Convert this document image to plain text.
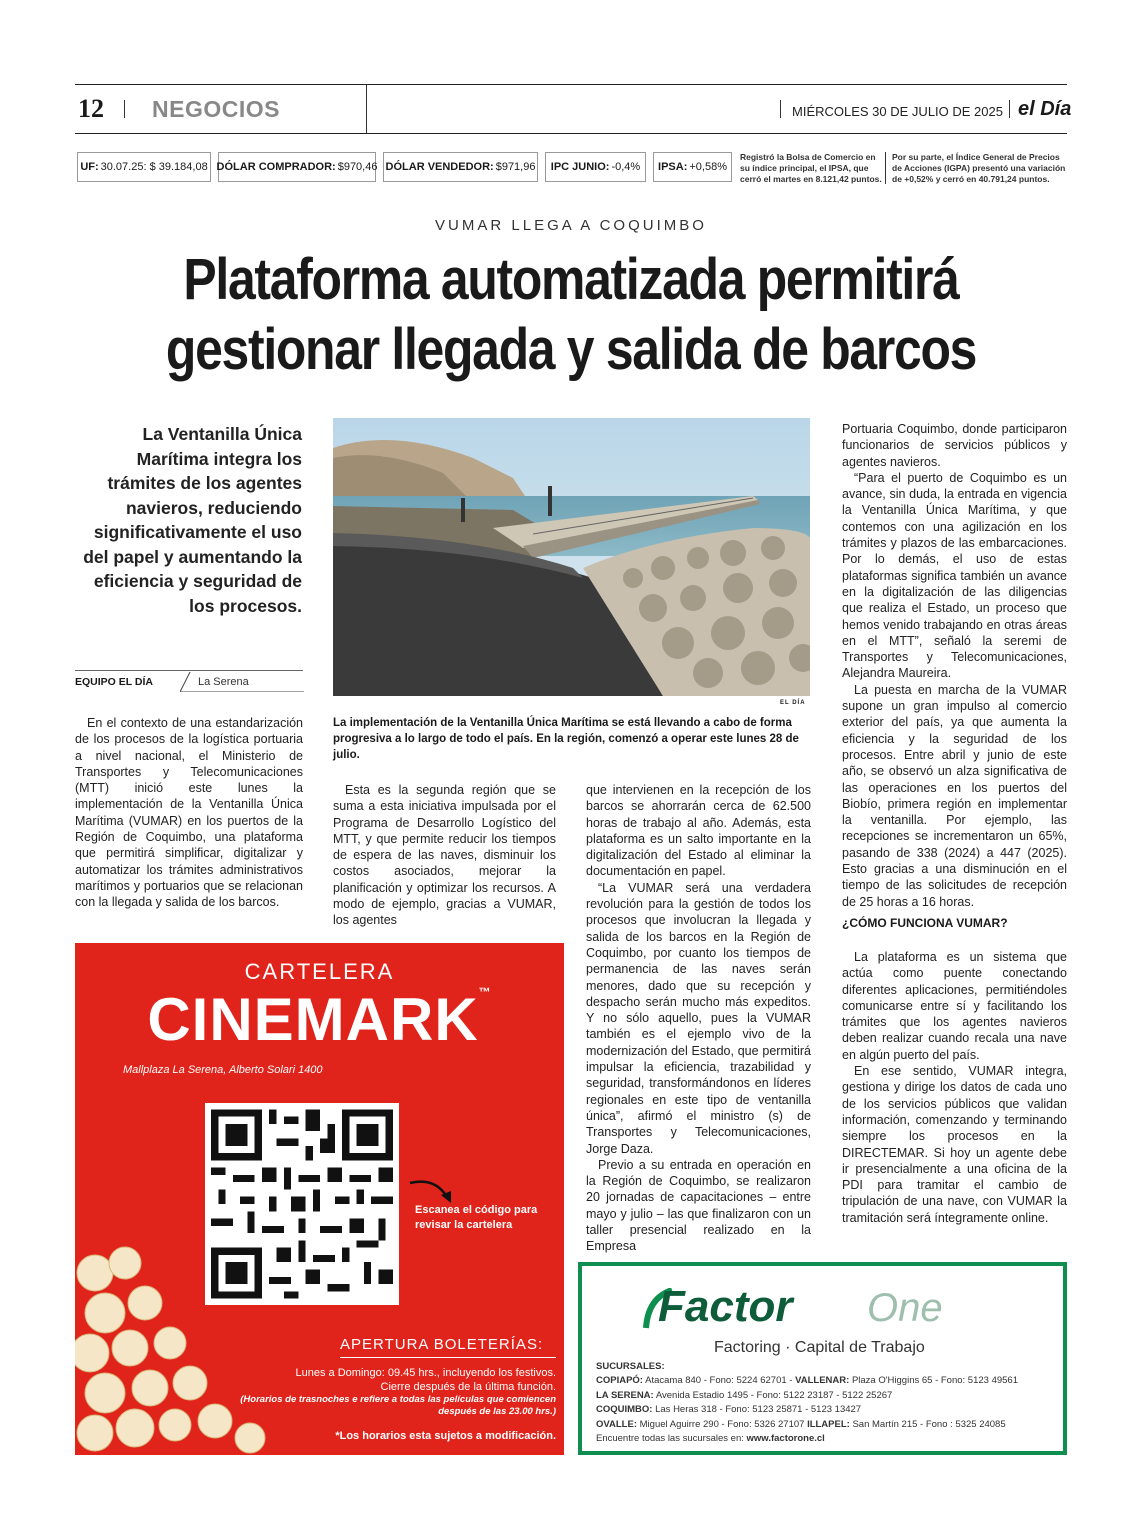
12 NEGOCIOS	MIÉRCOLES 30 DE JULIO DE 2025 el Día
UF: 30.07.25: $ 39.184,08 DÓLAR COMPRADOR: $970,46 DÓLAR VENDEDOR: $971,96 IPC JUNIO: -0,4% IPSA: +0,58%
Registró la Bolsa de Comercio en su índice principal, el IPSA, que cerró el martes en 8.121,42 puntos.
Por su parte, el Índice General de Precios de Acciones (IGPA) presentó una variación de +0,52% y cerró en 40.791,24 puntos.
VUMAR LLEGA A COQUIMBO
Plataforma automatizada permitirá gestionar llegada y salida de barcos
La Ventanilla Única Marítima integra los trámites de los agentes navieros, reduciendo significativamente el uso del papel y aumentando la eficiencia y seguridad de los procesos.
EQUIPO EL DÍA	La Serena
EL DÍA
La implementación de la Ventanilla Única Marítima se está llevando a cabo de forma progresiva a lo largo de todo el país. En la región, comenzó a operar este lunes 28 de julio.

En el contexto de una estandarización de los procesos de la logística portuaria a nivel nacional, el Ministerio de Transportes y Telecomunicaciones (MTT) inició este lunes la implementación de la Ventanilla Única Marítima (VUMAR) en los puertos de la Región de Coquimbo, una plataforma que permitirá simplificar, digitalizar y automatizar los trámites administrativos marítimos y portuarios que se relacionan con la llegada y salida de los barcos.

Esta es la segunda región que se suma a esta iniciativa impulsada por el Programa de Desarrollo Logístico del MTT, y que permite reducir los tiempos de espera de las naves, disminuir los costos asociados, mejorar la planificación y optimizar los recursos. A modo de ejemplo, gracias a VUMAR, los agentes

que intervienen en la recepción de los barcos se ahorrarán cerca de 62.500 horas de trabajo al año. Además, esta plataforma es un salto importante en la digitalización del Estado al eliminar la documentación en papel.

“La VUMAR será una verdadera revolución para la gestión de todos los procesos que involucran la llegada y salida de los barcos en la Región de Coquimbo, por cuanto los tiempos de permanencia de las naves serán menores, dado que su recepción y despacho serán mucho más expeditos. Y no sólo aquello, pues la VUMAR también es el ejemplo vivo de la modernización del Estado, que permitirá impulsar la eficiencia, trazabilidad y seguridad, transformándonos en líderes regionales en este tipo de ventanilla única”, afirmó el ministro (s) de Transportes y Telecomunicaciones, Jorge Daza.

Previo a su entrada en operación en la Región de Coquimbo, se realizaron 20 jornadas de capacitaciones – entre mayo y julio – las que finalizaron con un taller presencial realizado en la Empresa

Portuaria Coquimbo, donde participaron funcionarios de servicios públicos y agentes navieros.

“Para el puerto de Coquimbo es un avance, sin duda, la entrada en vigencia la Ventanilla Única Marítima, y que contemos con una agilización en los trámites y plazos de las embarcaciones. Por lo demás, el uso de estas plataformas significa también un avance en la digitalización de las diligencias que realiza el Estado, un proceso que hemos venido trabajando en otras áreas en el MTT”, señaló la seremi de Transportes y Telecomunicaciones, Alejandra Maureira.

La puesta en marcha de la VUMAR supone un gran impulso al comercio exterior del país, ya que aumenta la eficiencia y la seguridad de los procesos. Entre abril y junio de este año, se observó un alza significativa de las operaciones en los puertos del Biobío, primera región en implementar la ventanilla. Por ejemplo, las recepciones se incrementaron un 65%, pasando de 338 (2024) a 447 (2025). Esto gracias a una disminución en el tiempo de las solicitudes de recepción de 25 horas a 16 horas.

¿CÓMO FUNCIONA VUMAR?

La plataforma es un sistema que actúa como puente conectando diferentes aplicaciones, permitiéndoles comunicarse entre sí y facilitando los trámites que los agentes navieros deben realizar cuando recala una nave en algún puerto del país.

En ese sentido, VUMAR integra, gestiona y dirige los datos de cada uno de los servicios públicos que validan información, comenzando y terminando siempre los procesos en la DIRECTEMAR. Si hoy un agente debe ir presencialmente a una oficina de la PDI para tramitar el cambio de tripulación de una nave, con VUMAR la tramitación será íntegramente online.

CARTELERA
CINEMARK™
Mallplaza La Serena, Alberto Solari 1400
Escanea el código para revisar la cartelera
APERTURA BOLETERÍAS:
Lunes a Domingo: 09.45 hrs., incluyendo los festivos.
Cierre después de la última función.
(Horarios de trasnoches e refiere a todas las películas que comiencen después de las 23.00 hrs.)
*Los horarios esta sujetos a modificación.
Factor One
Factoring · Capital de Trabajo
SUCURSALES:
COPIAPÓ: Atacama 840 - Fono: 5224 62701 - VALLENAR: Plaza O'Higgins 65 - Fono: 5123 49561
LA SERENA: Avenida Estadio 1495 - Fono: 5122 23187 - 5122 25267
COQUIMBO: Las Heras 318 - Fono: 5123 25871 - 5123 13427
OVALLE: Miguel Aguirre 290 - Fono: 5326 27107 ILLAPEL: San Martín 215 - Fono : 5325 24085
Encuentre todas las sucursales en: www.factorone.cl
